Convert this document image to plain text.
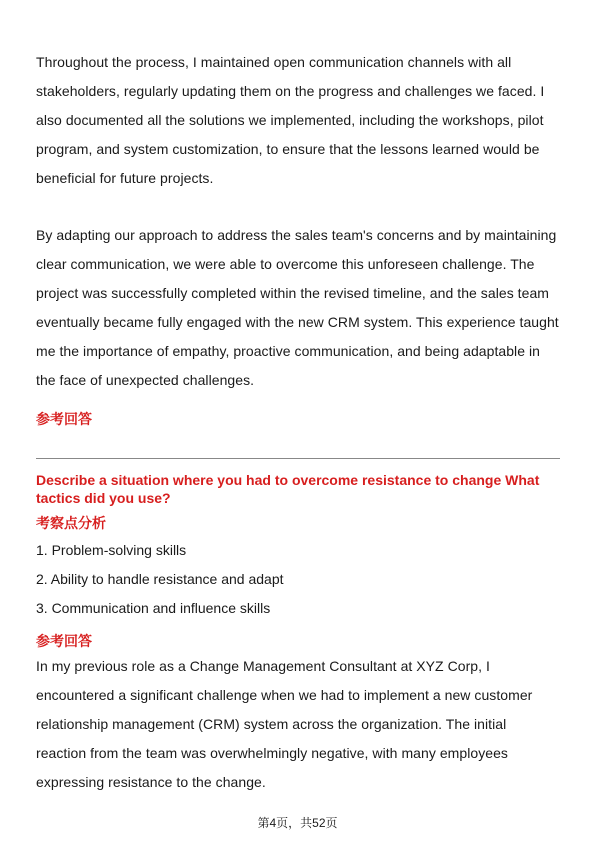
Throughout the process, I maintained open communication channels with all stakeholders, regularly updating them on the progress and challenges we faced. I also documented all the solutions we implemented, including the workshops, pilot program, and system customization, to ensure that the lessons learned would be beneficial for future projects.

By adapting our approach to address the sales team's concerns and by maintaining clear communication, we were able to overcome this unforeseen challenge. The project was successfully completed within the revised timeline, and the sales team eventually became fully engaged with the new CRM system. This experience taught me the importance of empathy, proactive communication, and being adaptable in the face of unexpected challenges.

参考回答

Describe a situation where you had to overcome resistance to change What tactics did you use?

考察点分析

1. Problem-solving skills
2. Ability to handle resistance and adapt
3. Communication and influence skills

参考回答

In my previous role as a Change Management Consultant at XYZ Corp, I encountered a significant challenge when we had to implement a new customer relationship management (CRM) system across the organization. The initial reaction from the team was overwhelmingly negative, with many employees expressing resistance to the change.

第4页，共52页
